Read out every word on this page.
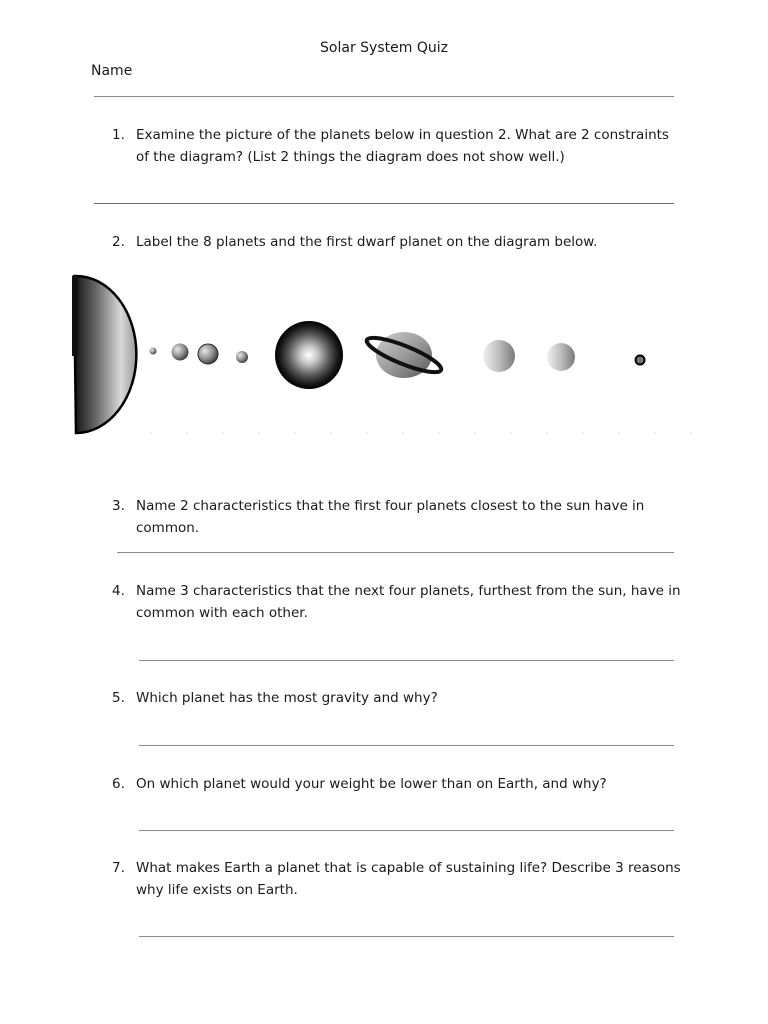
Solar System Quiz
Name
1. Examine the picture of the planets below in question 2. What are 2 constraints of the diagram? (List 2 things the diagram does not show well.)
2. Label the 8 planets and the first dwarf planet on the diagram below.
3. Name 2 characteristics that the first four planets closest to the sun have in common.
4. Name 3 characteristics that the next four planets, furthest from the sun, have in common with each other.
5. Which planet has the most gravity and why?
6. On which planet would your weight be lower than on Earth, and why?
7. What makes Earth a planet that is capable of sustaining life? Describe 3 reasons why life exists on Earth.
